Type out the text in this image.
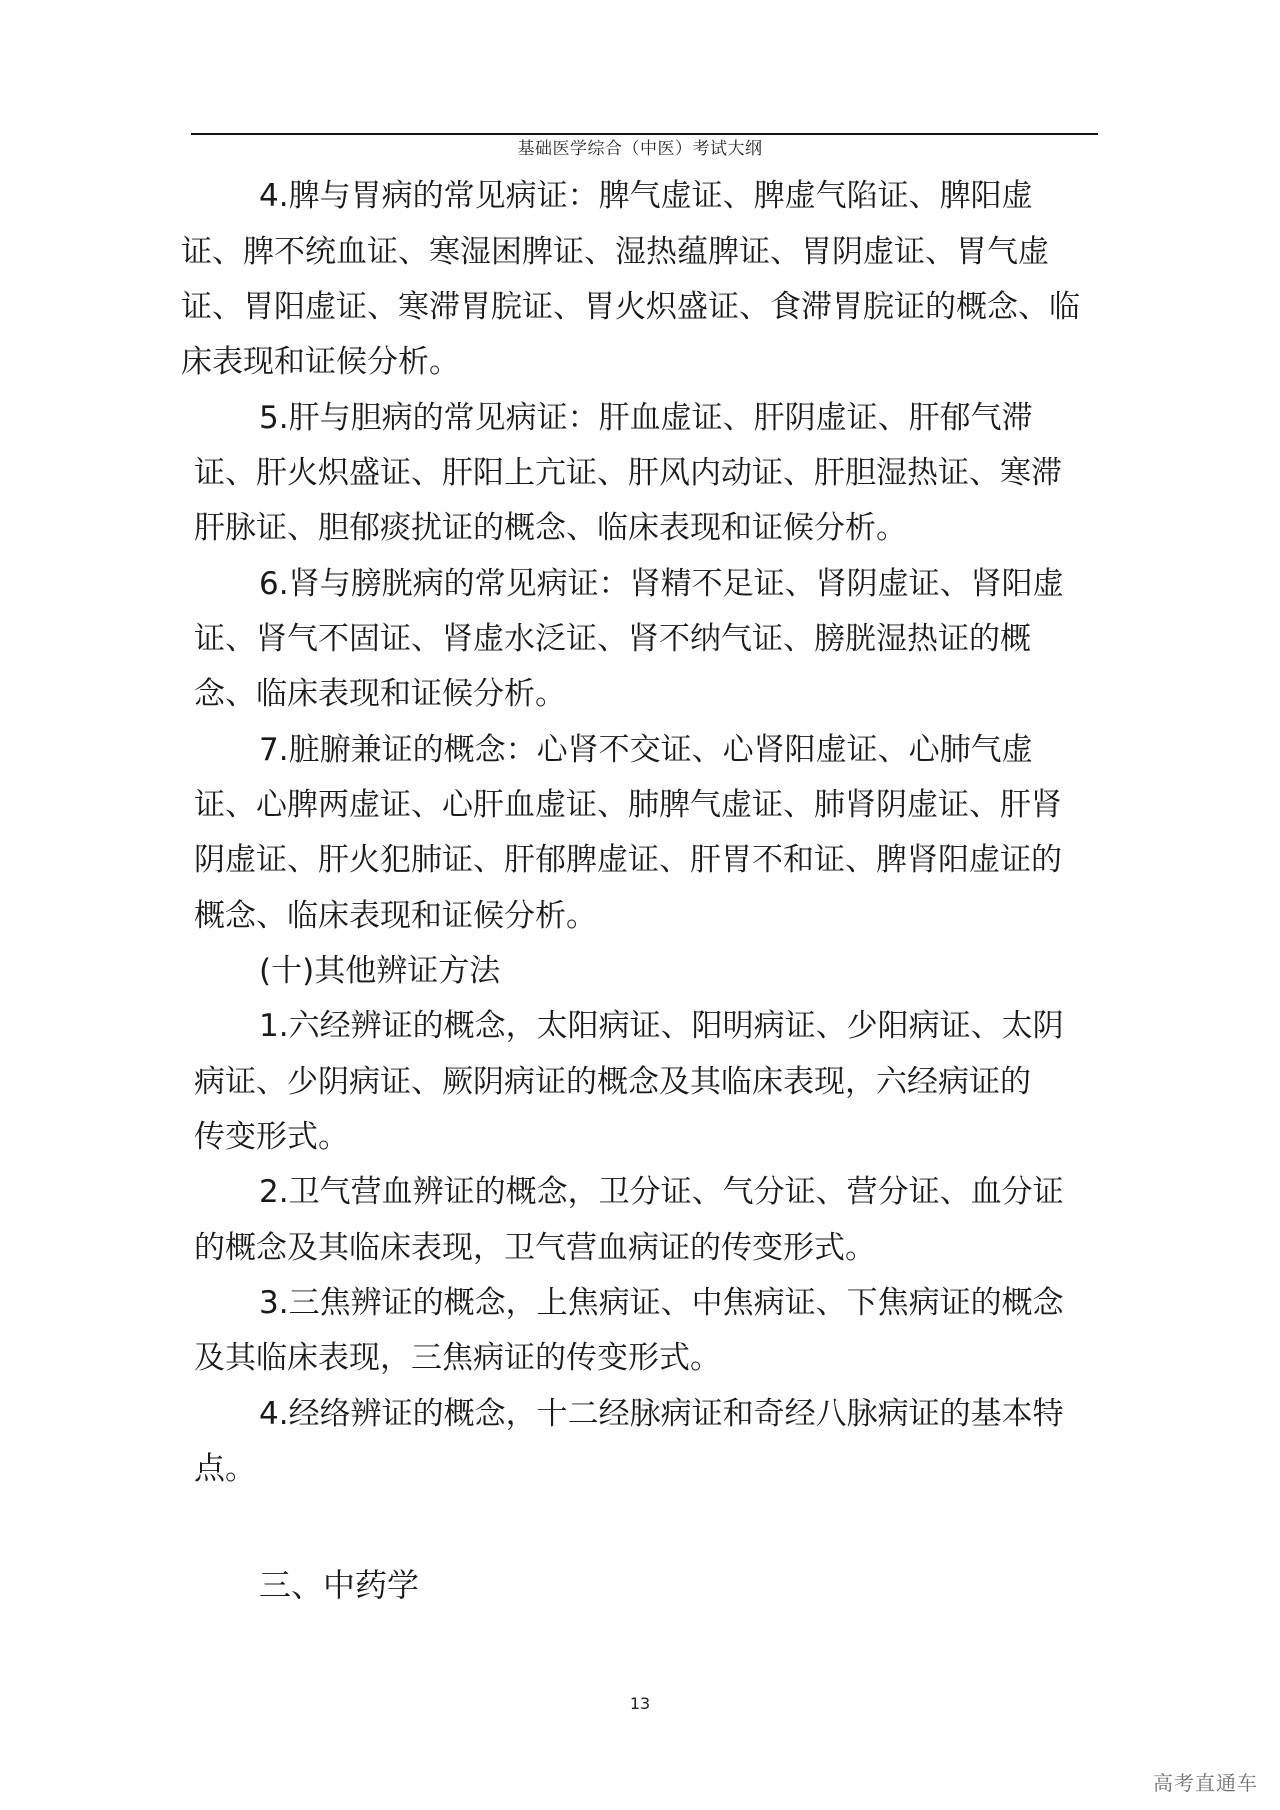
基础医学综合（中医）考试大纲
4.脾与胃病的常见病证：脾气虚证、脾虚气陷证、脾阳虚
证、脾不统血证、寒湿困脾证、湿热蕴脾证、胃阴虚证、胃气虚
证、胃阳虚证、寒滞胃脘证、胃火炽盛证、食滞胃脘证的概念、临
床表现和证候分析。
5.肝与胆病的常见病证：肝血虚证、肝阴虚证、肝郁气滞
证、肝火炽盛证、肝阳上亢证、肝风内动证、肝胆湿热证、寒滞
肝脉证、胆郁痰扰证的概念、临床表现和证候分析。
6.肾与膀胱病的常见病证：肾精不足证、肾阴虚证、肾阳虚
证、肾气不固证、肾虚水泛证、肾不纳气证、膀胱湿热证的概
念、临床表现和证候分析。
7.脏腑兼证的概念：心肾不交证、心肾阳虚证、心肺气虚
证、心脾两虚证、心肝血虚证、肺脾气虚证、肺肾阴虚证、肝肾
阴虚证、肝火犯肺证、肝郁脾虚证、肝胃不和证、脾肾阳虚证的
概念、临床表现和证候分析。
(十)其他辨证方法
1.六经辨证的概念，太阳病证、阳明病证、少阳病证、太阴
病证、少阴病证、厥阴病证的概念及其临床表现，六经病证的
传变形式。
2.卫气营血辨证的概念，卫分证、气分证、营分证、血分证
的概念及其临床表现，卫气营血病证的传变形式。
3.三焦辨证的概念，上焦病证、中焦病证、下焦病证的概念
及其临床表现，三焦病证的传变形式。
4.经络辨证的概念，十二经脉病证和奇经八脉病证的基本特
点。
三、中药学
13
高考直通车
